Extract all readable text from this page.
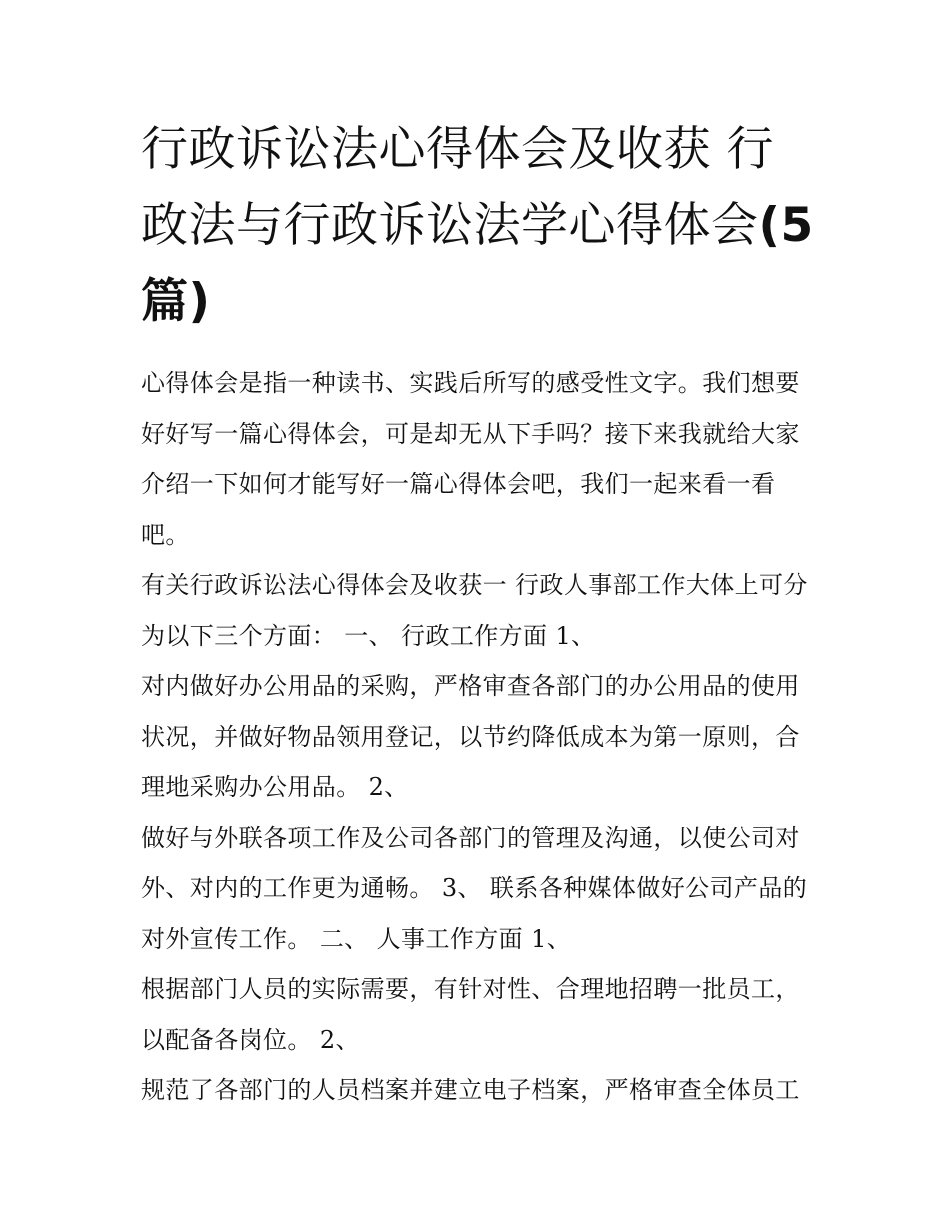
行政诉讼法心得体会及收获 行政法与行政诉讼法学心得体会(5篇)

心得体会是指一种读书、实践后所写的感受性文字。我们想要好好写一篇心得体会，可是却无从下手吗？接下来我就给大家介绍一下如何才能写好一篇心得体会吧，我们一起来看一看吧。

有关行政诉讼法心得体会及收获一 行政人事部工作大体上可分为以下三个方面： 一、 行政工作方面 1、

对内做好办公用品的采购，严格审查各部门的办公用品的使用状况，并做好物品领用登记，以节约降低成本为第一原则，合理地采购办公用品。 2、

做好与外联各项工作及公司各部门的管理及沟通，以使公司对外、对内的工作更为通畅。 3、 联系各种媒体做好公司产品的对外宣传工作。 二、 人事工作方面 1、

根据部门人员的实际需要，有针对性、合理地招聘一批员工，以配备各岗位。 2、

规范了各部门的人员档案并建立电子档案，严格审查全体员工
